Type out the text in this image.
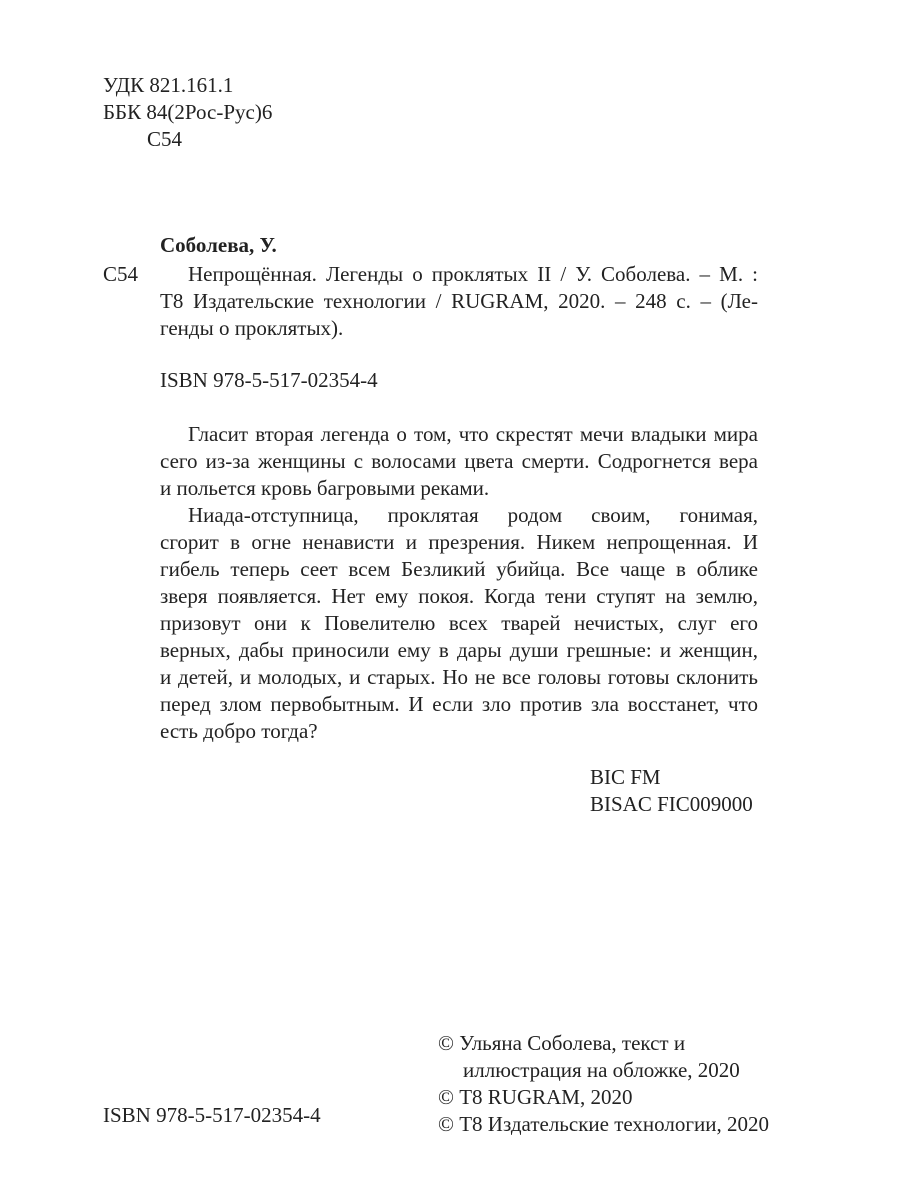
УДК 821.161.1
ББК 84(2Рос-Рус)6
С54
Соболева, У.
С54	Непрощённая. Легенды о проклятых II / У. Соболева. – М. :
Т8 Издательские технологии / RUGRAM, 2020. – 248 с. – (Ле-
генды о проклятых).
ISBN 978-5-517-02354-4
Гласит вторая легенда о том, что скрестят мечи владыки мира
сего из-за женщины с волосами цвета смерти. Содрогнется вера
и польется кровь багровыми реками.
Ниада-отступница, проклятая родом своим, гонимая,
сгорит в огне ненависти и презрения. Никем непрощенная. И
гибель теперь сеет всем Безликий убийца. Все чаще в облике
зверя появляется. Нет ему покоя. Когда тени ступят на землю,
призовут они к Повелителю всех тварей нечистых, слуг его
верных, дабы приносили ему в дары души грешные: и женщин,
и детей, и молодых, и старых. Но не все головы готовы склонить
перед злом первобытным. И если зло против зла восстанет, что
есть добро тогда?
BIC FM
BISAC FIC009000
© Ульяна Соболева, текст и
иллюстрация на обложке, 2020
© Т8 RUGRAM, 2020
© Т8 Издательские технологии, 2020
ISBN 978-5-517-02354-4
